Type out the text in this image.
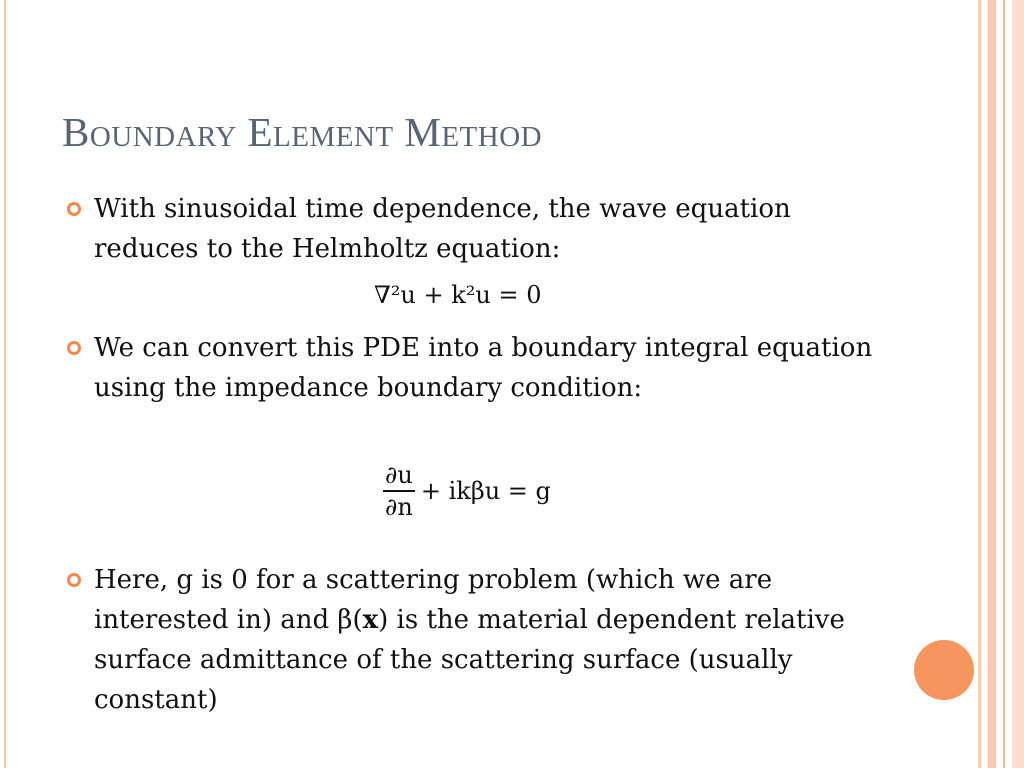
Boundary Element Method
With sinusoidal time dependence, the wave equation reduces to the Helmholtz equation:
∇²u + k²u = 0
We can convert this PDE into a boundary integral equation using the impedance boundary condition:
$\frac{\partial u}{\partial n} + ik\beta u = g$
Here, g is 0 for a scattering problem (which we are interested in) and β(x) is the material dependent relative surface admittance of the scattering surface (usually constant)
